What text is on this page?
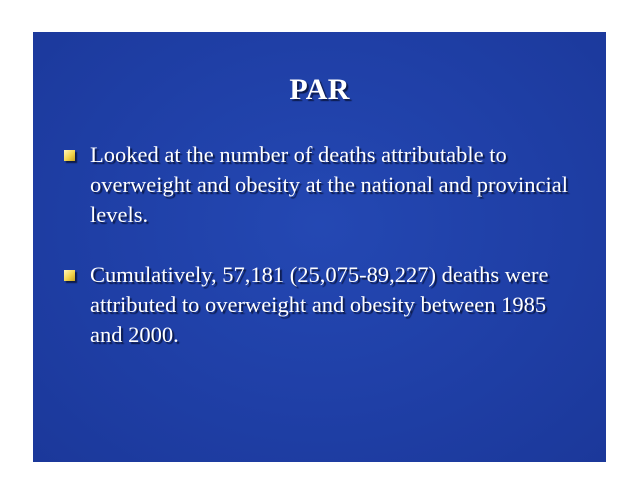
PAR
Looked at the number of deaths attributable to overweight and obesity at the national and provincial levels.
Cumulatively, 57,181 (25,075-89,227) deaths were attributed to overweight and obesity between 1985 and 2000.
